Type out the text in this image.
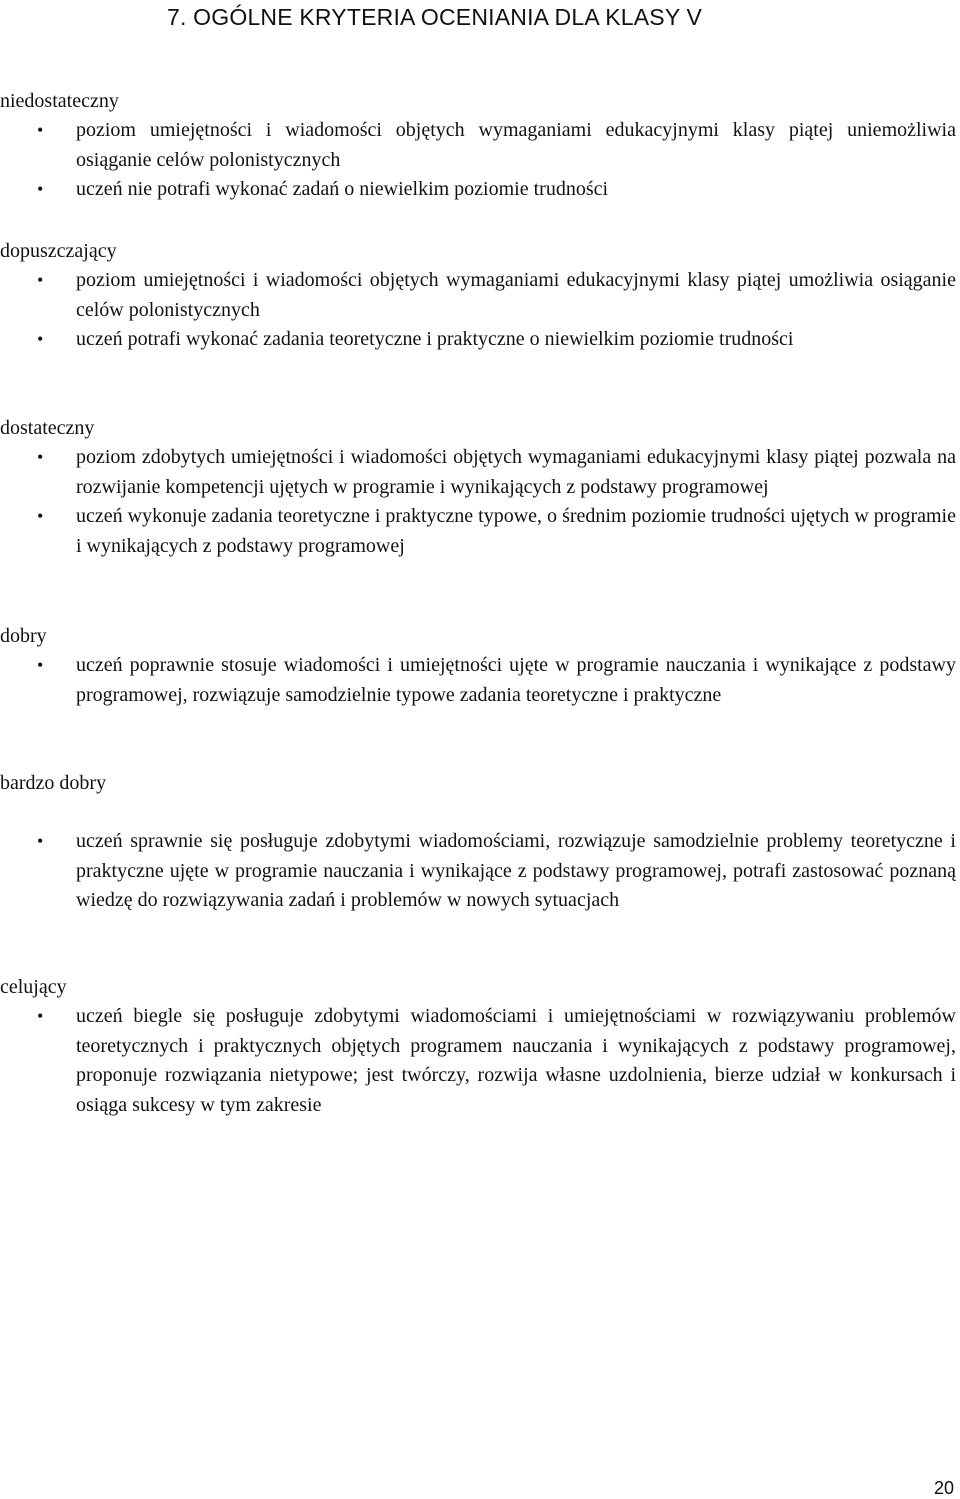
7. OGÓLNE KRYTERIA OCENIANIA DLA KLASY V
niedostateczny
• poziom umiejętności i wiadomości objętych wymaganiami edukacyjnymi klasy piątej uniemożliwia osiąganie celów polonistycznych
• uczeń nie potrafi wykonać zadań o niewielkim poziomie trudności
dopuszczający
• poziom umiejętności i wiadomości objętych wymaganiami edukacyjnymi klasy piątej umożliwia osiąganie celów polonistycznych
• uczeń potrafi wykonać zadania teoretyczne i praktyczne o niewielkim poziomie trudności
dostateczny
• poziom zdobytych umiejętności i wiadomości objętych wymaganiami edukacyjnymi klasy piątej pozwala na rozwijanie kompetencji ujętych w programie i wynikających z podstawy programowej
• uczeń wykonuje zadania teoretyczne i praktyczne typowe, o średnim poziomie trudności ujętych w programie i wynikających z podstawy programowej
dobry
• uczeń poprawnie stosuje wiadomości i umiejętności ujęte w programie nauczania i wynikające z podstawy programowej, rozwiązuje samodzielnie typowe zadania teoretyczne i praktyczne
bardzo dobry
• uczeń sprawnie się posługuje zdobytymi wiadomościami, rozwiązuje samodzielnie problemy teoretyczne i praktyczne ujęte w programie nauczania i wynikające z podstawy programowej, potrafi zastosować poznaną wiedzę do rozwiązywania zadań i problemów w nowych sytuacjach
celujący
• uczeń biegle się posługuje zdobytymi wiadomościami i umiejętnościami w rozwiązywaniu problemów teoretycznych i praktycznych objętych programem nauczania i wynikających z podstawy programowej, proponuje rozwiązania nietypowe; jest twórczy, rozwija własne uzdolnienia, bierze udział w konkursach i osiąga sukcesy w tym zakresie
20
